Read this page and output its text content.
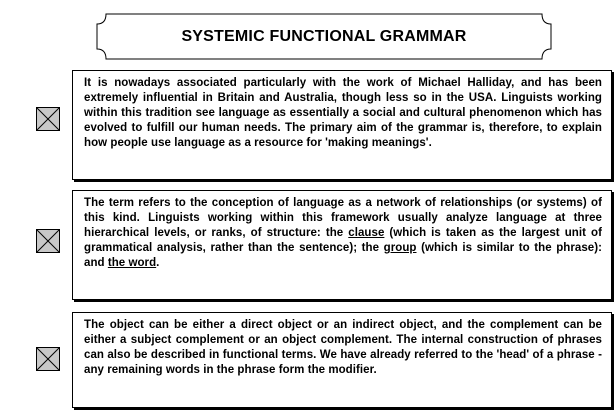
SYSTEMIC FUNCTIONAL GRAMMAR

It is nowadays associated particularly with the work of Michael Halliday, and has been extremely influential in Britain and Australia, though less so in the USA. Linguists working within this tradition see language as essentially a social and cultural phenomenon which has evolved to fulfill our human needs. The primary aim of the grammar is, therefore, to explain how people use language as a resource for 'making meanings'.

The term refers to the conception of language as a network of relationships (or systems) of this kind. Linguists working within this framework usually analyze language at three hierarchical levels, or ranks, of structure: the clause (which is taken as the largest unit of grammatical analysis, rather than the sentence); the group (which is similar to the phrase): and the word.

The object can be either a direct object or an indirect object, and the complement can be either a subject complement or an object complement. The internal construction of phrases can also be described in functional terms. We have already referred to the 'head' of a phrase - any remaining words in the phrase form the modifier.
